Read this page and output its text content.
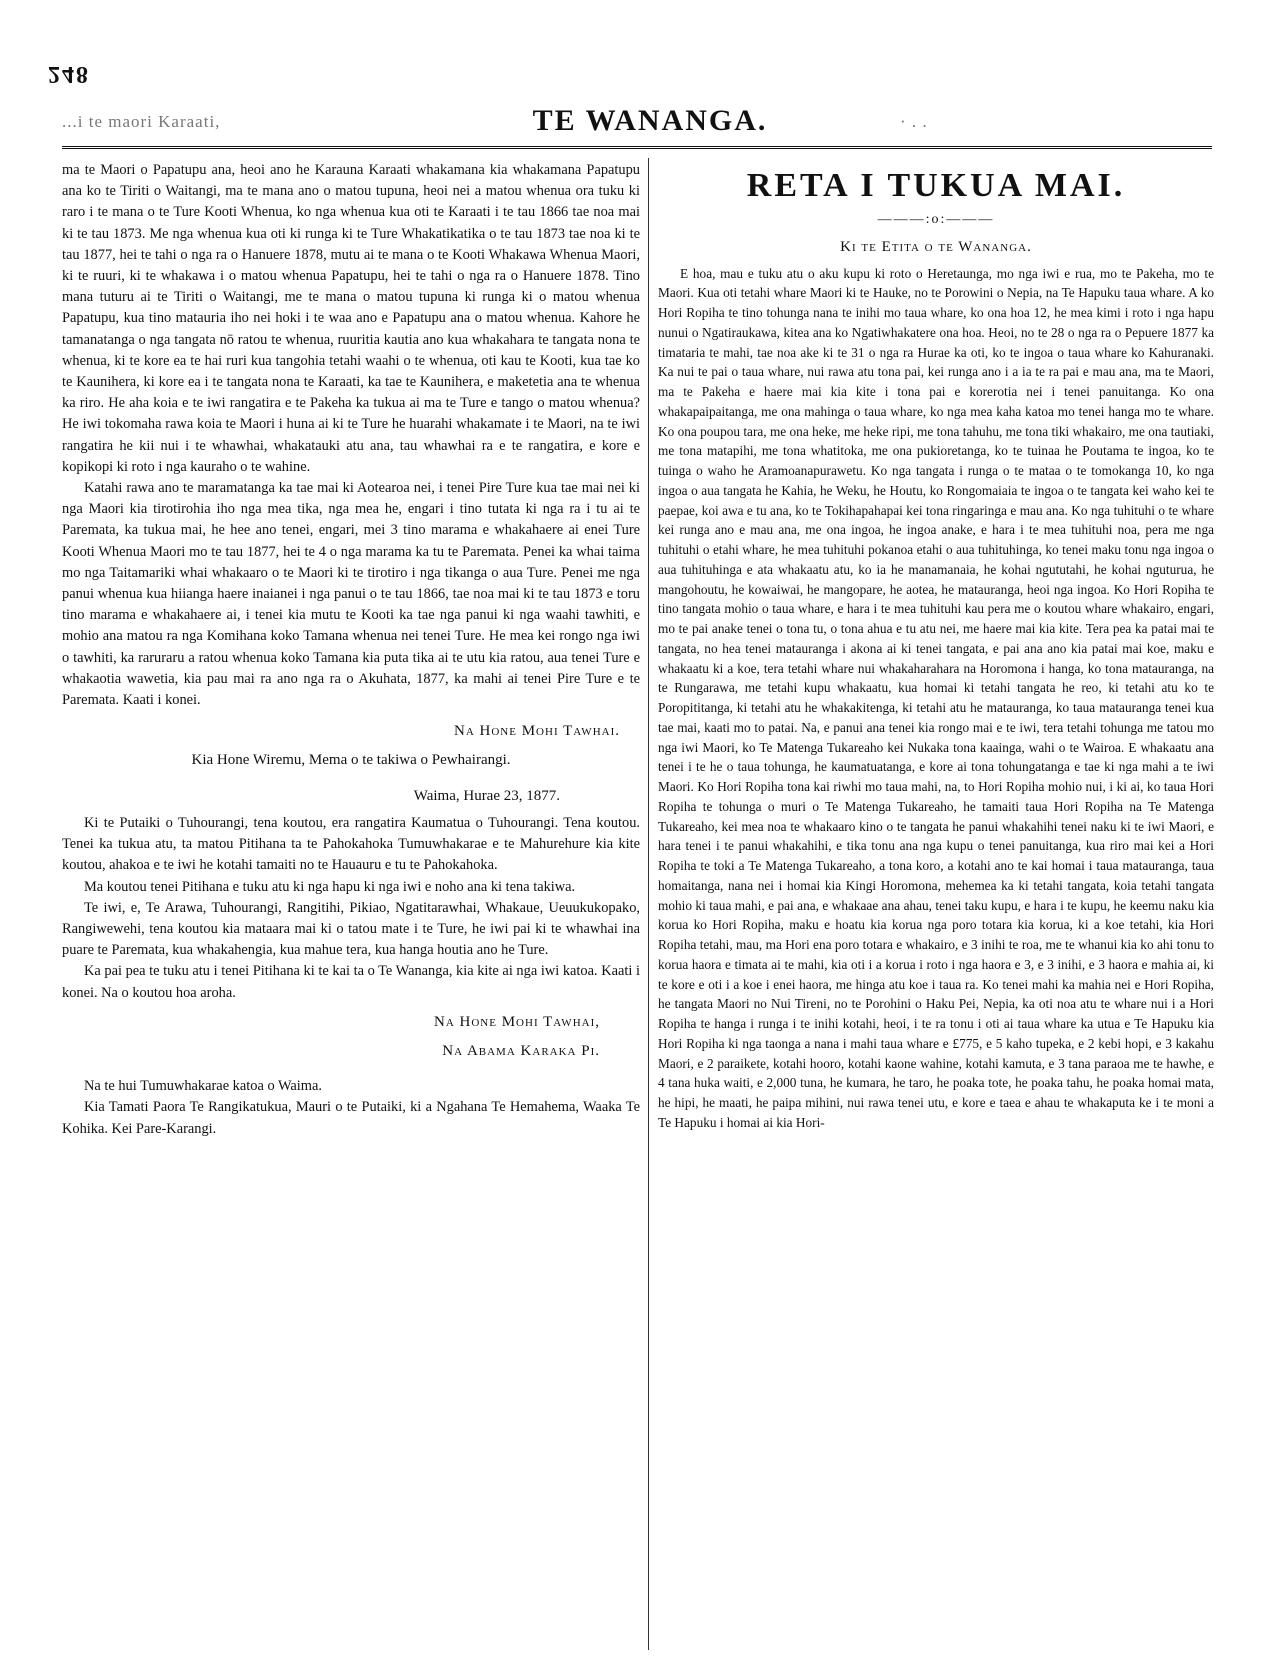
248
...i te maori Karaati,	TE WANANGA.	· . .

ma te Maori o Papatupu ana, heoi ano he Karauna Karaati whakamana kia whakamana Papatupu ana ko te Tiriti o Waitangi, ma te mana ano o matou tupuna, heoi nei a matou whenua ora tuku ki raro i te mana o te Ture Kooti Whenua, ko nga whenua kua oti te Karaati i te tau 1866 tae noa mai ki te tau 1873. Me nga whenua kua oti ki runga ki te Ture Whakatikatika o te tau 1873 tae noa ki te tau 1877, hei te tahi o nga ra o Hanuere 1878, mutu ai te mana o te Kooti Whakawa Whenua Maori, ki te ruuri, ki te whakawa i o matou whenua Papatupu, hei te tahi o nga ra o Hanuere 1878. Tino mana tuturu ai te Tiriti o Waitangi, me te mana o matou tupuna ki runga ki o matou whenua Papatupu, kua tino matauria iho nei hoki i te waa ano e Papatupu ana o matou whenua. Kahore he tamanatanga o nga tangata nō ratou te whenua, ruuritia kautia ano kua whakahara te tangata nona te whenua, ki te kore ea te hai ruri kua tangohia tetahi waahi o te whenua, oti kau te Kooti, kua tae ko te Kaunihera, ki kore ea i te tangata nona te Karaati, ka tae te Kaunihera, e maketetia ana te whenua ka riro. He aha koia e te iwi rangatira e te Pakeha ka tukua ai ma te Ture e tango o matou whenua? He iwi tokomaha rawa koia te Maori i huna ai ki te Ture he huarahi whakamate i te Maori, na te iwi rangatira he kii nui i te whawhai, whakatauki atu ana, tau whawhai ra e te rangatira, e kore e kopikopi ki roto i nga kauraho o te wahine.

Katahi rawa ano te maramatanga ka tae mai ki Aotearoa nei, i tenei Pire Ture kua tae mai nei ki nga Maori kia tirotirohia iho nga mea tika, nga mea he, engari i tino tutata ki nga ra i tu ai te Paremata, ka tukua mai, he hee ano tenei, engari, mei 3 tino marama e whakahaere ai enei Ture Kooti Whenua Maori mo te tau 1877, hei te 4 o nga marama ka tu te Paremata. Penei ka whai taima mo nga Taitamariki whai whakaaro o te Maori ki te tirotiro i nga tikanga o aua Ture. Penei me nga panui whenua kua hiianga haere inaianei i nga panui o te tau 1866, tae noa mai ki te tau 1873 e toru tino marama e whakahaere ai, i tenei kia mutu te Kooti ka tae nga panui ki nga waahi tawhiti, e mohio ana matou ra nga Komihana koko Tamana whenua nei tenei Ture. He mea kei rongo nga iwi o tawhiti, ka raruraru a ratou whenua koko Tamana kia puta tika ai te utu kia ratou, aua tenei Ture e whakaotia wawetia, kia pau mai ra ano nga ra o Akuhata, 1877, ka mahi ai tenei Pire Ture e te Paremata. Kaati i konei.

Na Hone Mohi Tawhai.
Kia Hone Wiremu, Mema o te takiwa o Pewhairangi.
Waima, Hurae 23, 1877.

Ki te Putaiki o Tuhourangi, tena koutou, era rangatira Kaumatua o Tuhourangi. Tena koutou. Tenei ka tukua atu, ta matou Pitihana ta te Pahokahoka Tumuwhakarae e te Mahurehure kia kite koutou, ahakoa e te iwi he kotahi tamaiti no te Hauauru e tu te Pahokahoka.

Ma koutou tenei Pitihana e tuku atu ki nga hapu ki nga iwi e noho ana ki tena takiwa.

Te iwi, e, Te Arawa, Tuhourangi, Rangitihi, Pikiao, Ngatitarawhai, Whakaue, Ueuukukopako, Rangiwewehi, tena koutou kia mataara mai ki o tatou mate i te Ture, he iwi pai ki te whawhai ina puare te Paremata, kua whakahengia, kua mahue tera, kua hanga houtia ano he Ture.

Ka pai pea te tuku atu i tenei Pitihana ki te kai ta o Te Wananga, kia kite ai nga iwi katoa. Kaati i konei. Na o koutou hoa aroha.

Na Hone Mohi Tawhai,
Na Abama Karaka Pi.

Na te hui Tumuwhakarae katoa o Waima.

Kia Tamati Paora Te Rangikatukua, Mauri o te Putaiki, ki a Ngahana Te Hemahema, Waaka Te Kohika. Kei Pare-Karangi.

RETA I TUKUA MAI.
———:o:———
Ki te Etita o te Wananga.

E hoa, mau e tuku atu o aku kupu ki roto o Heretaunga, mo nga iwi e rua, mo te Pakeha, mo te Maori. Kua oti tetahi whare Maori ki te Hauke, no te Porowini o Nepia, na Te Hapuku taua whare. A ko Hori Ropiha te tino tohunga nana te inihi mo taua whare, ko ona hoa 12, he mea kimi i roto i nga hapu nunui o Ngatiraukawa, kitea ana ko Ngatiwhakatere ona hoa. Heoi, no te 28 o nga ra o Pepuere 1877 ka timataria te mahi, tae noa ake ki te 31 o nga ra Hurae ka oti, ko te ingoa o taua whare ko Kahuranaki. Ka nui te pai o taua whare, nui rawa atu tona pai, kei runga ano i a ia te ra pai e mau ana, ma te Maori, ma te Pakeha e haere mai kia kite i tona pai e korerotia nei i tenei panuitanga. Ko ona whakapaipaitanga, me ona mahinga o taua whare, ko nga mea kaha katoa mo tenei hanga mo te whare. Ko ona poupou tara, me ona heke, me heke ripi, me tona tahuhu, me tona tiki whakairo, me ona tautiaki, me tona matapihi, me tona whatitoka, me ona pukioretanga, ko te tuinaa he Poutama te ingoa, ko te tuinga o waho he Aramoanapurawetu. Ko nga tangata i runga o te mataa o te tomokanga 10, ko nga ingoa o aua tangata he Kahia, he Weku, he Houtu, ko Rongomaiaia te ingoa o te tangata kei waho kei te paepae, koi awa e tu ana, ko te Tokihapahapai kei tona ringaringa e mau ana. Ko nga tuhituhi o te whare kei runga ano e mau ana, me ona ingoa, he ingoa anake, e hara i te mea tuhituhi noa, pera me nga tuhituhi o etahi whare, he mea tuhituhi pokanoa etahi o aua tuhituhinga, ko tenei maku tonu nga ingoa o aua tuhituhinga e ata whakaatu atu, ko ia he manamanaia, he kohai ngututahi, he kohai nguturua, he mangohoutu, he kowaiwai, he mangopare, he aotea, he matauranga, heoi nga ingoa. Ko Hori Ropiha te tino tangata mohio o taua whare, e hara i te mea tuhituhi kau pera me o koutou whare whakairo, engari, mo te pai anake tenei o tona tu, o tona ahua e tu atu nei, me haere mai kia kite. Tera pea ka patai mai te tangata, no hea tenei matauranga i akona ai ki tenei tangata, e pai ana ano kia patai mai koe, maku e whakaatu ki a koe, tera tetahi whare nui whakaharahara na Horomona i hanga, ko tona matauranga, na te Rungarawa, me tetahi kupu whakaatu, kua homai ki tetahi tangata he reo, ki tetahi atu ko te Poropititanga, ki tetahi atu he whakakitenga, ki tetahi atu he matauranga, ko taua matauranga tenei kua tae mai, kaati mo to patai. Na, e panui ana tenei kia rongo mai e te iwi, tera tetahi tohunga me tatou mo nga iwi Maori, ko Te Matenga Tukareaho kei Nukaka tona kaainga, wahi o te Wairoa. E whakaatu ana tenei i te he o taua tohunga, he kaumatuatanga, e kore ai tona tohungatanga e tae ki nga mahi a te iwi Maori. Ko Hori Ropiha tona kai riwhi mo taua mahi, na, to Hori Ropiha mohio nui, i ki ai, ko taua Hori Ropiha te tohunga o muri o Te Matenga Tukareaho, he tamaiti taua Hori Ropiha na Te Matenga Tukareaho, kei mea noa te whakaaro kino o te tangata he panui whakahihi tenei naku ki te iwi Maori, e hara tenei i te panui whakahihi, e tika tonu ana nga kupu o tenei panuitanga, kua riro mai kei a Hori Ropiha te toki a Te Matenga Tukareaho, a tona koro, a kotahi ano te kai homai i taua matauranga, taua homaitanga, nana nei i homai kia Kingi Horomona, mehemea ka ki tetahi tangata, koia tetahi tangata mohio ki taua mahi, e pai ana, e whakaae ana ahau, tenei taku kupu, e hara i te kupu, he keemu naku kia korua ko Hori Ropiha, maku e hoatu kia korua nga poro totara kia korua, ki a koe tetahi, kia Hori Ropiha tetahi, mau, ma Hori ena poro totara e whakairo, e 3 inihi te roa, me te whanui kia ko ahi tonu to korua haora e timata ai te mahi, kia oti i a korua i roto i nga haora e 3, e 3 inihi, e 3 haora e mahia ai, ki te kore e oti i a koe i enei haora, me hinga atu koe i taua ra. Ko tenei mahi ka mahia nei e Hori Ropiha, he tangata Maori no Nui Tireni, no te Porohini o Haku Pei, Nepia, ka oti noa atu te whare nui i a Hori Ropiha te hanga i runga i te inihi kotahi, heoi, i te ra tonu i oti ai taua whare ka utua e Te Hapuku kia Hori Ropiha ki nga taonga a nana i mahi taua whare e £775, e 5 kaho tupeka, e 2 kebi hopi, e 3 kakahu Maori, e 2 paraikete, kotahi hooro, kotahi kaone wahine, kotahi kamuta, e 3 tana paraoa me te hawhe, e 4 tana huka waiti, e 2,000 tuna, he kumara, he taro, he poaka tote, he poaka tahu, he poaka homai mata, he hipi, he maati, he paipa mihini, nui rawa tenei utu, e kore e taea e ahau te whakaputa ke i te moni a Te Hapuku i homai ai kia Hori-
